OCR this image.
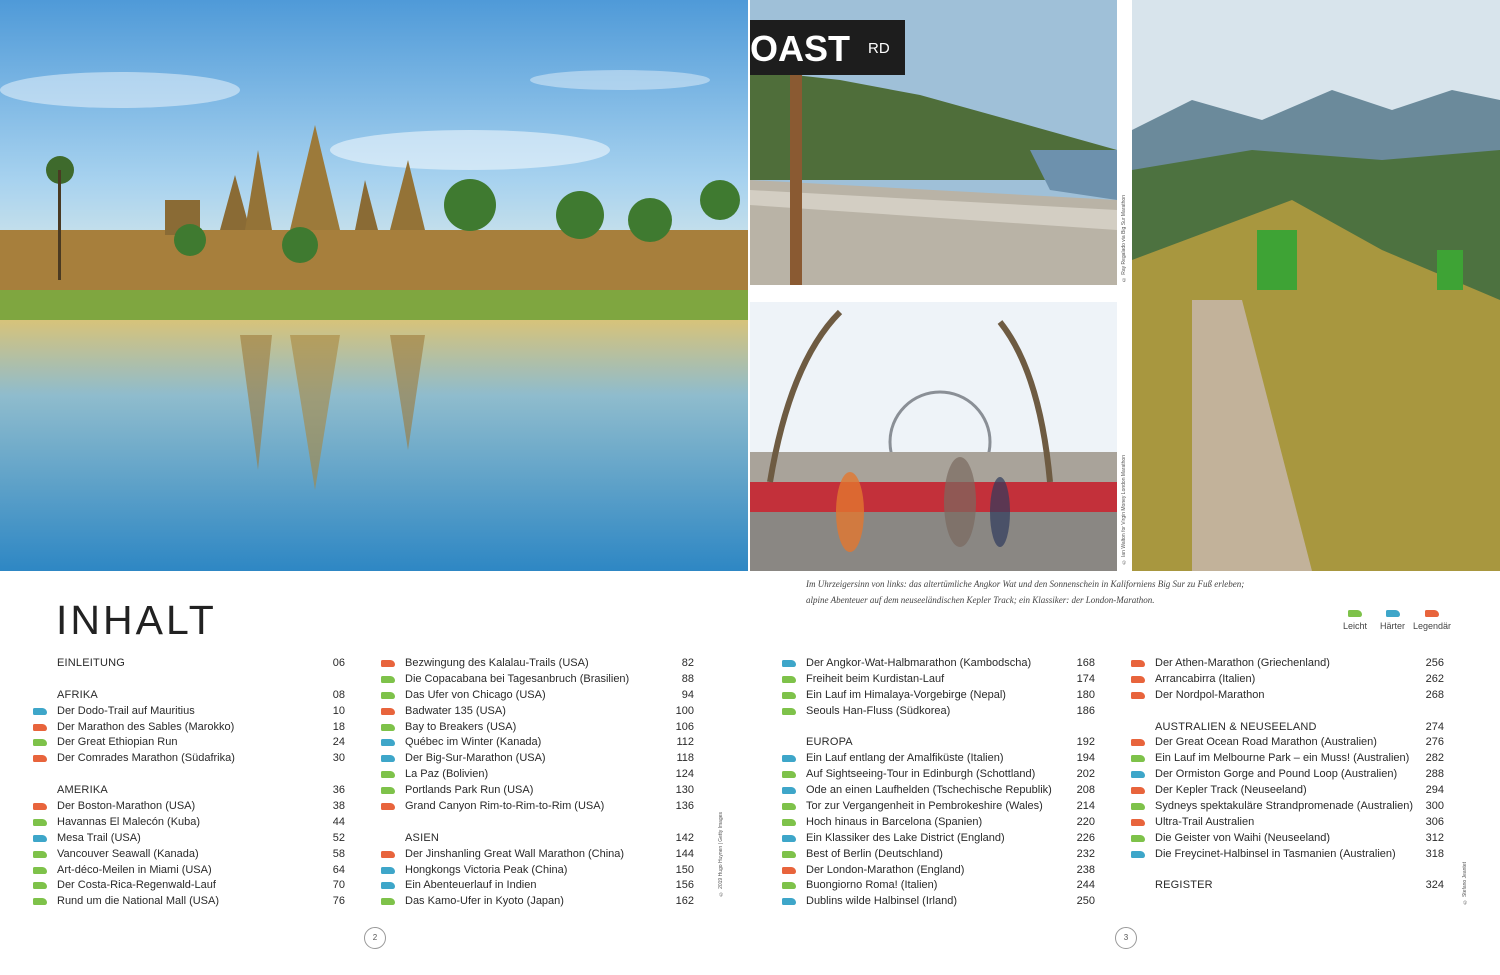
OAST RD
© Ray Regalado via Big Sur Marathon
© Ian Walton for Virgin Money London Marathon
© 2019 Hugo Huynen | Getty Images	© Stefano Jeantet
Im Uhrzeigersinn von links: das altertümliche Angkor Wat und den Sonnenschein in Kaliforniens Big Sur zu Fuß erleben; alpine Abenteuer auf dem neuseeländischen Kepler Track; ein Klassiker: der London-Marathon.
INHALT	Leicht Härter Legendär
EINLEITUNG	06
AFRIKA	08
Der Dodo-Trail auf Mauritius	10
Der Marathon des Sables (Marokko)	18
Der Great Ethiopian Run	24
Der Comrades Marathon (Südafrika)	30
AMERIKA	36
Der Boston-Marathon (USA)	38
Havannas El Malecón (Kuba)	44
Mesa Trail (USA)	52
Vancouver Seawall (Kanada)	58
Art-déco-Meilen in Miami (USA)	64
Der Costa-Rica-Regenwald-Lauf	70
Rund um die National Mall (USA)	76
Bezwingung des Kalalau-Trails (USA)	82
Die Copacabana bei Tagesanbruch (Brasilien)	88
Das Ufer von Chicago (USA)	94
Badwater 135 (USA)	100
Bay to Breakers (USA)	106
Québec im Winter (Kanada)	112
Der Big-Sur-Marathon (USA)	118
La Paz (Bolivien)	124
Portlands Park Run (USA)	130
Grand Canyon Rim-to-Rim-to-Rim (USA)	136
ASIEN	142
Der Jinshanling Great Wall Marathon (China)	144
Hongkongs Victoria Peak (China)	150
Ein Abenteuerlauf in Indien	156
Das Kamo-Ufer in Kyoto (Japan)	162
Der Angkor-Wat-Halbmarathon (Kambodscha)	168
Freiheit beim Kurdistan-Lauf	174
Ein Lauf im Himalaya-Vorgebirge (Nepal)	180
Seouls Han-Fluss (Südkorea)	186
EUROPA	192
Ein Lauf entlang der Amalfiküste (Italien)	194
Auf Sightseeing-Tour in Edinburgh (Schottland)	202
Ode an einen Laufhelden (Tschechische Republik) 208
Tor zur Vergangenheit in Pembrokeshire (Wales)	214
Hoch hinaus in Barcelona (Spanien)	220
Ein Klassiker des Lake District (England)	226
Best of Berlin (Deutschland)	232
Der London-Marathon (England)	238
Buongiorno Roma! (Italien)	244
Dublins wilde Halbinsel (Irland)	250
Der Athen-Marathon (Griechenland)	256
Arrancabirra (Italien)	262
Der Nordpol-Marathon	268
AUSTRALIEN & NEUSEELAND	274
Der Great Ocean Road Marathon (Australien)	276
Ein Lauf im Melbourne Park – ein Muss! (Australien) 282
Der Ormiston Gorge and Pound Loop (Australien)	288
Der Kepler Track (Neuseeland)	294
Sydneys spektakuläre Strandpromenade (Australien) 300
Ultra-Trail Australien	306
Die Geister von Waihi (Neuseeland)	312
Die Freycinet-Halbinsel in Tasmanien (Australien)	318
REGISTER	324
2	3
